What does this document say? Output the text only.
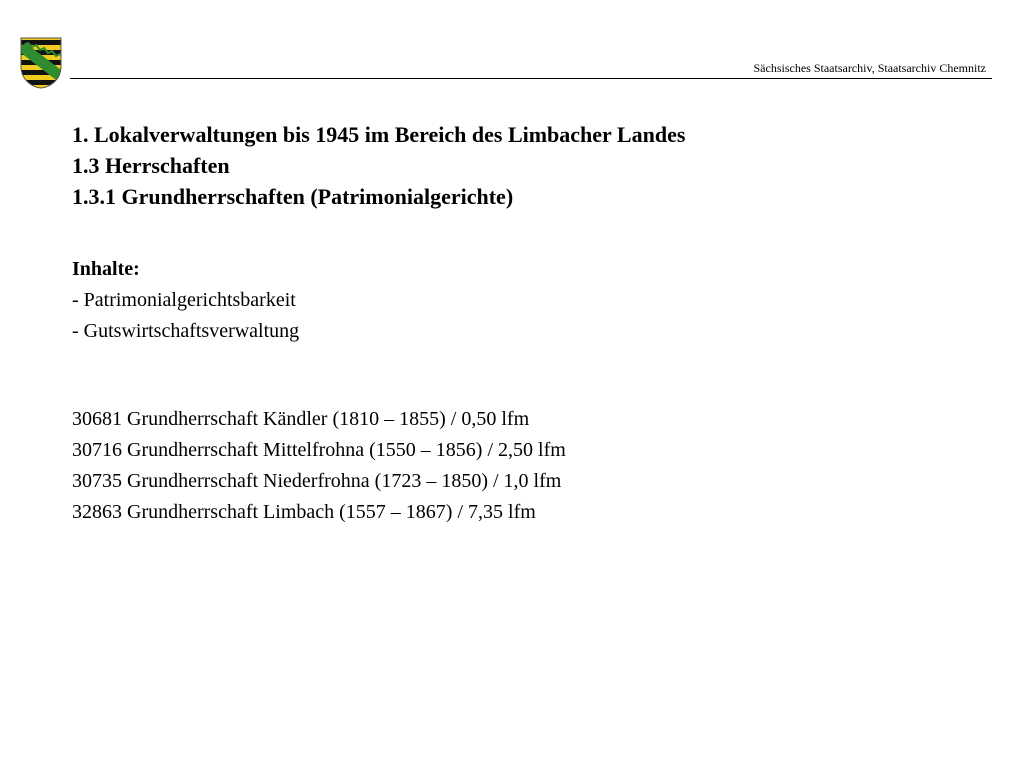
Sächsisches Staatsarchiv, Staatsarchiv Chemnitz
1. Lokalverwaltungen bis 1945 im Bereich des Limbacher Landes
1.3 Herrschaften
1.3.1 Grundherrschaften (Patrimonialgerichte)
Inhalte:
- Patrimonialgerichtsbarkeit
- Gutswirtschaftsverwaltung
30681 Grundherrschaft Kändler (1810 – 1855) / 0,50 lfm
30716 Grundherrschaft Mittelfrohna (1550 – 1856) / 2,50 lfm
30735 Grundherrschaft Niederfrohna (1723 – 1850) / 1,0 lfm
32863 Grundherrschaft Limbach (1557 – 1867) / 7,35 lfm
